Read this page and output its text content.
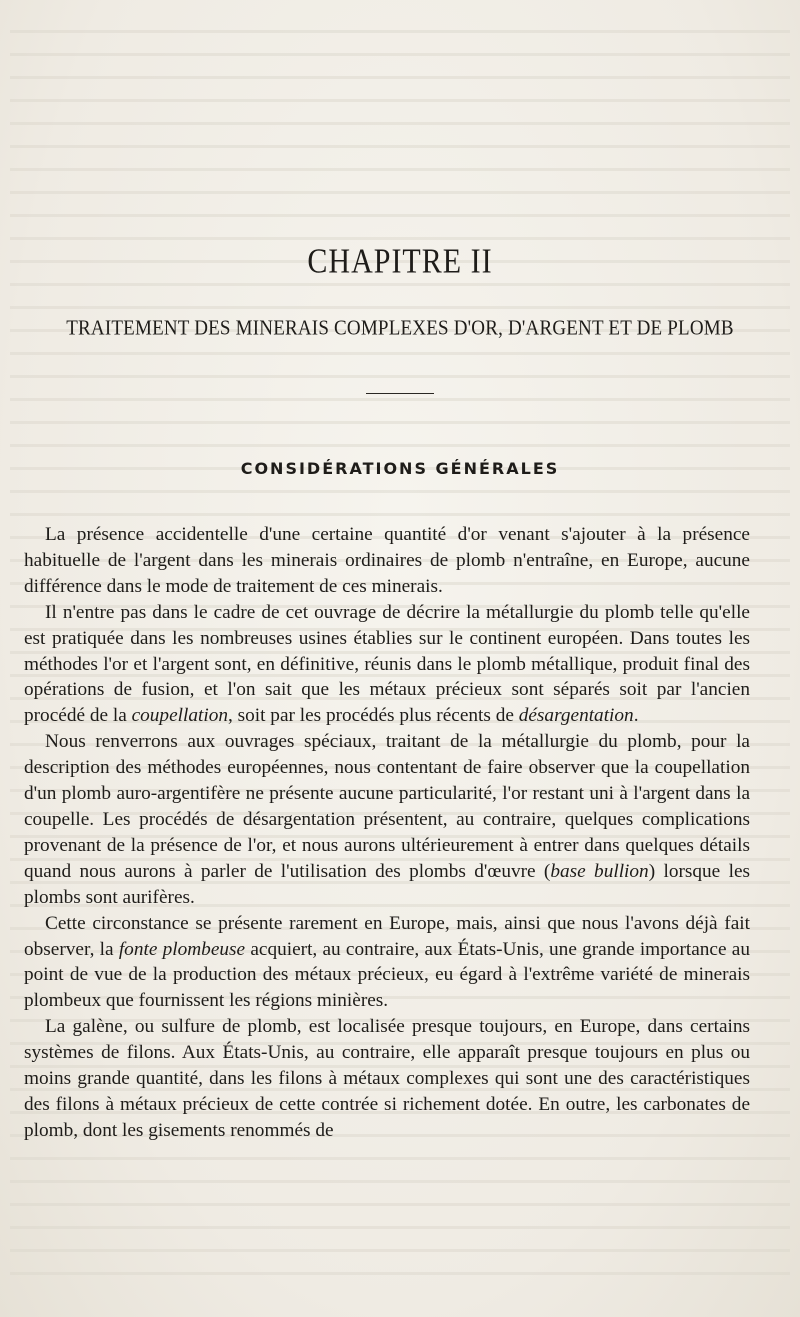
CHAPITRE II
TRAITEMENT DES MINERAIS COMPLEXES D'OR, D'ARGENT ET DE PLOMB
CONSIDÉRATIONS GÉNÉRALES

La présence accidentelle d'une certaine quantité d'or venant s'ajouter à la présence habituelle de l'argent dans les minerais ordinaires de plomb n'entraîne, en Europe, aucune différence dans le mode de traitement de ces minerais.

Il n'entre pas dans le cadre de cet ouvrage de décrire la métallurgie du plomb telle qu'elle est pratiquée dans les nombreuses usines établies sur le continent européen. Dans toutes les méthodes l'or et l'argent sont, en définitive, réunis dans le plomb métallique, produit final des opérations de fusion, et l'on sait que les métaux précieux sont séparés soit par l'ancien procédé de la coupellation, soit par les procédés plus récents de désargentation.

Nous renverrons aux ouvrages spéciaux, traitant de la métallurgie du plomb, pour la description des méthodes européennes, nous contentant de faire observer que la coupellation d'un plomb auro-argentifère ne présente aucune particularité, l'or restant uni à l'argent dans la coupelle. Les procédés de désargentation présentent, au contraire, quelques complications provenant de la présence de l'or, et nous aurons ultérieurement à entrer dans quelques détails quand nous aurons à parler de l'utilisation des plombs d'œuvre (base bullion) lorsque les plombs sont aurifères.

Cette circonstance se présente rarement en Europe, mais, ainsi que nous l'avons déjà fait observer, la fonte plombeuse acquiert, au contraire, aux États-Unis, une grande importance au point de vue de la production des métaux précieux, eu égard à l'extrême variété de minerais plombeux que fournissent les régions minières.

La galène, ou sulfure de plomb, est localisée presque toujours, en Europe, dans certains systèmes de filons. Aux États-Unis, au contraire, elle apparaît presque toujours en plus ou moins grande quantité, dans les filons à métaux complexes qui sont une des caractéristiques des filons à métaux précieux de cette contrée si richement dotée. En outre, les carbonates de plomb, dont les gisements renommés de
